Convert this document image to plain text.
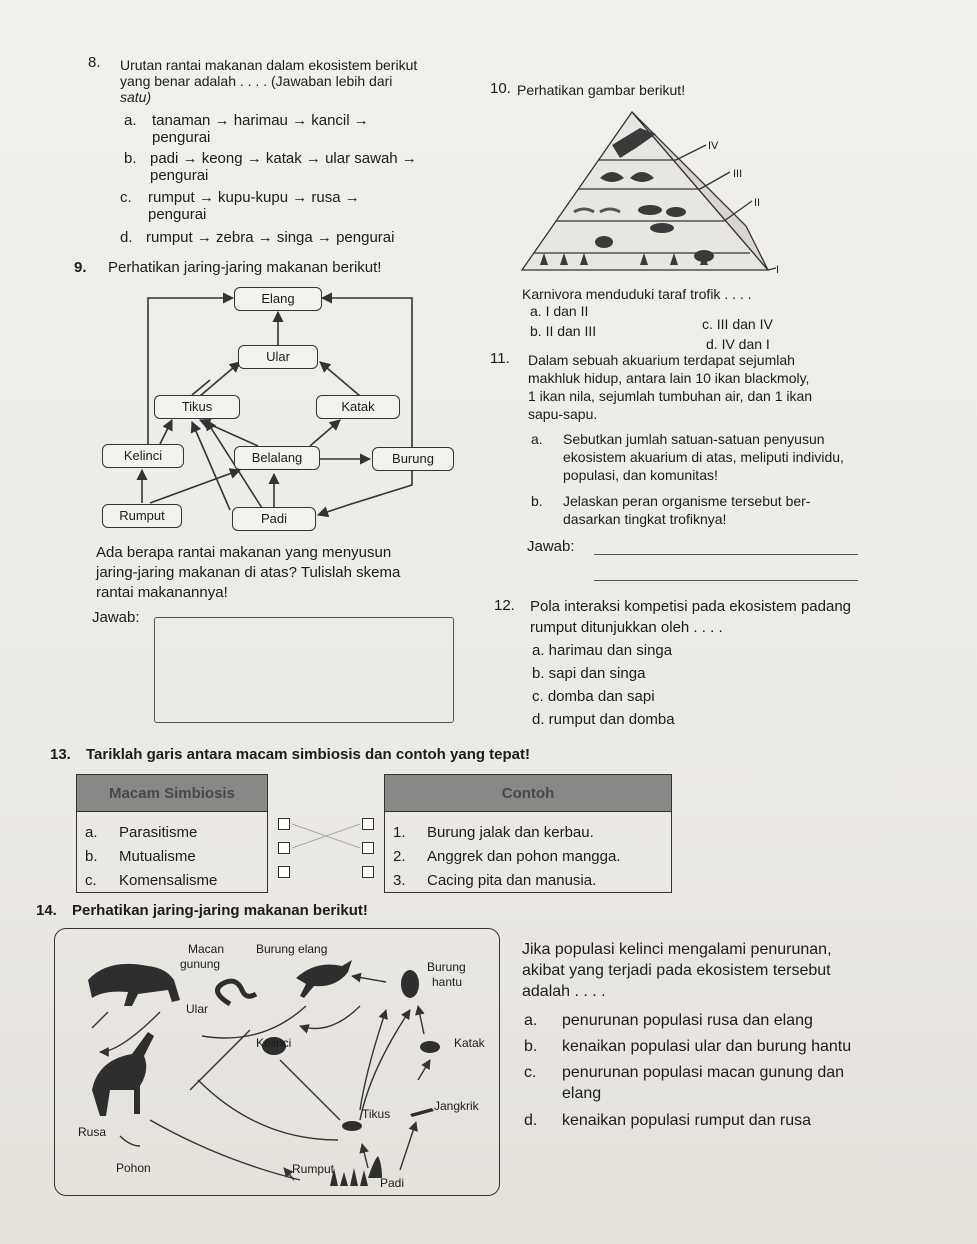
8. Urutan rantai makanan dalam ekosistem berikut
yang benar adalah . . . . (Jawaban lebih dari
satu)
a. tanaman → harimau → kancil →
pengurai
b. padi → keong → katak → ular sawah →
pengurai
c. rumput → kupu-kupu → rusa →
pengurai
d. rumput → zebra → singa → pengurai
9. Perhatikan jaring-jaring makanan berikut!
Elang
Ular
Tikus	Katak
Kelinci	Belalang	Burung
Rumput	Padi
Ada berapa rantai makanan yang menyusun
jaring-jaring makanan di atas? Tulislah skema
rantai makanannya!
Jawab:
10. Perhatikan gambar berikut!
IV
III
II
I
Karnivora menduduki taraf trofik . . . .
a. I dan II
c. III dan IV
b. II dan III
d. IV dan I
11. Dalam sebuah akuarium terdapat sejumlah
makhluk hidup, antara lain 10 ikan blackmoly,
1 ikan nila, sejumlah tumbuhan air, dan 1 ikan
sapu-sapu.
a. Sebutkan jumlah satuan-satuan penyusun
ekosistem akuarium di atas, meliputi individu,
populasi, dan komunitas!
b. Jelaskan peran organisme tersebut ber-
dasarkan tingkat trofiknya!
Jawab:
12. Pola interaksi kompetisi pada ekosistem padang
rumput ditunjukkan oleh . . . .
a. harimau dan singa
b. sapi dan singa
c. domba dan sapi
d. rumput dan domba
13. Tariklah garis antara macam simbiosis dan contoh yang tepat!
Macam Simbiosis	
a.	Parasitisme
b.	Mutualisme
c.	Komensalisme
Contoh	
1.	Burung jalak dan kerbau.
2.	Anggrek dan pohon mangga.
3.	Cacing pita dan manusia.
14. Perhatikan jaring-jaring makanan berikut!
Macan
gunung
Burung elang
Burung
hantu
Ular
Kelinci	Katak
Jangkrik
Tikus
Rusa
Pohon	Rumput
Padi
Jika populasi kelinci mengalami penurunan,
akibat yang terjadi pada ekosistem tersebut
adalah . . . .
a. penurunan populasi rusa dan elang
b. kenaikan populasi ular dan burung hantu
c. penurunan populasi macan gunung dan
elang
d. kenaikan populasi rumput dan rusa
